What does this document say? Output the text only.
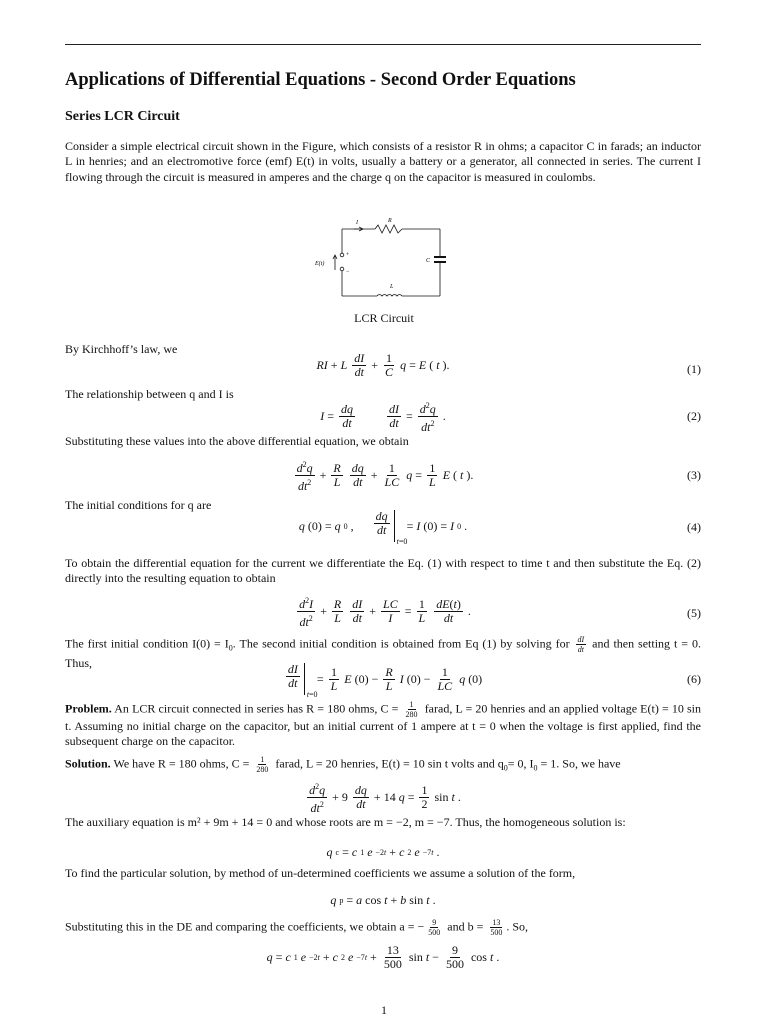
Applications of Differential Equations - Second Order Equations
Series LCR Circuit
Consider a simple electrical circuit shown in the Figure, which consists of a resistor R in ohms; a capacitor C in farads; an inductor L in henries; and an electromotive force (emf) E(t) in volts, usually a battery or a generator, all connected in series. The current I flowing through the circuit is measured in amperes and the charge q on the capacitor is measured in coulombs.
I	R
C
L
E(t)
+
−
LCR Circuit
By Kirchhoff’s law, we
RI + L $\frac{dI}{dt} + \frac{1}{C}$ q = E ( t ).	(1)
The relationship between q and I is
$I = \frac{dq}{dt}$	$\frac{dI}{dt} = \frac{d^2q}{dt^2}$ .	(2)
Substituting these values into the above differential equation, we obtain
$\frac{d^2q}{dt^2} + \frac{R}{L} \frac{dq}{dt} + \frac{1}{LC}$ $q = \frac{1}{L}$ E ( t ).	(3)
The initial conditions for q are
q (0) = q 0 , $\frac{dq}{dt} t=0$
= I (0) = I 0 .	(4)
To obtain the differential equation for the current we differentiate the Eq. (1) with respect to time t and then substitute the Eq. (2) directly into the resulting equation to obtain
$\frac{d^2I}{dt^2} + \frac{R}{L} \frac{dI}{dt} + \frac{LC}{I} = \frac{1}{L} \frac{dE(t)}{dt}$ .	(5)
The first initial condition $I(0) = I_0$. The second initial condition is obtained from Eq (1) by solving for $\frac{dI}{dt}$ and then setting t = 0. Thus,	$\frac{dI}{dt} t=0$
= $\frac{1}{L}$ E $(0) - \frac{R}{L}$ I $(0) - \frac{1}{LC}$ q (0)	(6)
Problem. An LCR circuit connected in series has R = 180 ohms, $C = \frac{1}{280}$ farad, L = 20 henries and an applied voltage E(t) = 10 sin t. Assuming no initial charge on the capacitor, but an initial current of 1 ampere at t = 0 when the voltage is first applied, find the subsequent charge on the capacitor.
Solution. We have R = 180 ohms, $C = \frac{1}{280}$ farad, L = 20 henries, E(t) = 10 sin t volts and $q_0= 0$, $I_0 = 1$. So, we have
$\frac{d^2q}{dt^2} + 9 \frac{dq}{dt} + 14$ $q = \frac{1}{2}$ sin t .
The auxiliary equation is m² + 9m + 14 = 0 and whose roots are m = −2, m = −7. Thus, the homogeneous solution is:
q c = c 1 e −2t + c 2 e −7t .
To find the particular solution, by method of un-determined coefficients we assume a solution of the form,
q p = a cos t + b sin t .
Substituting this in the DE and comparing the coefficients, we obtain a = − $\frac{9}{500}$ and $b = \frac{13}{500}$ . So,
q = c 1 e −2t + c 2 $e -7t + \frac{13}{500}$ $\sin t - \frac{9}{500}$ cos t .
1
